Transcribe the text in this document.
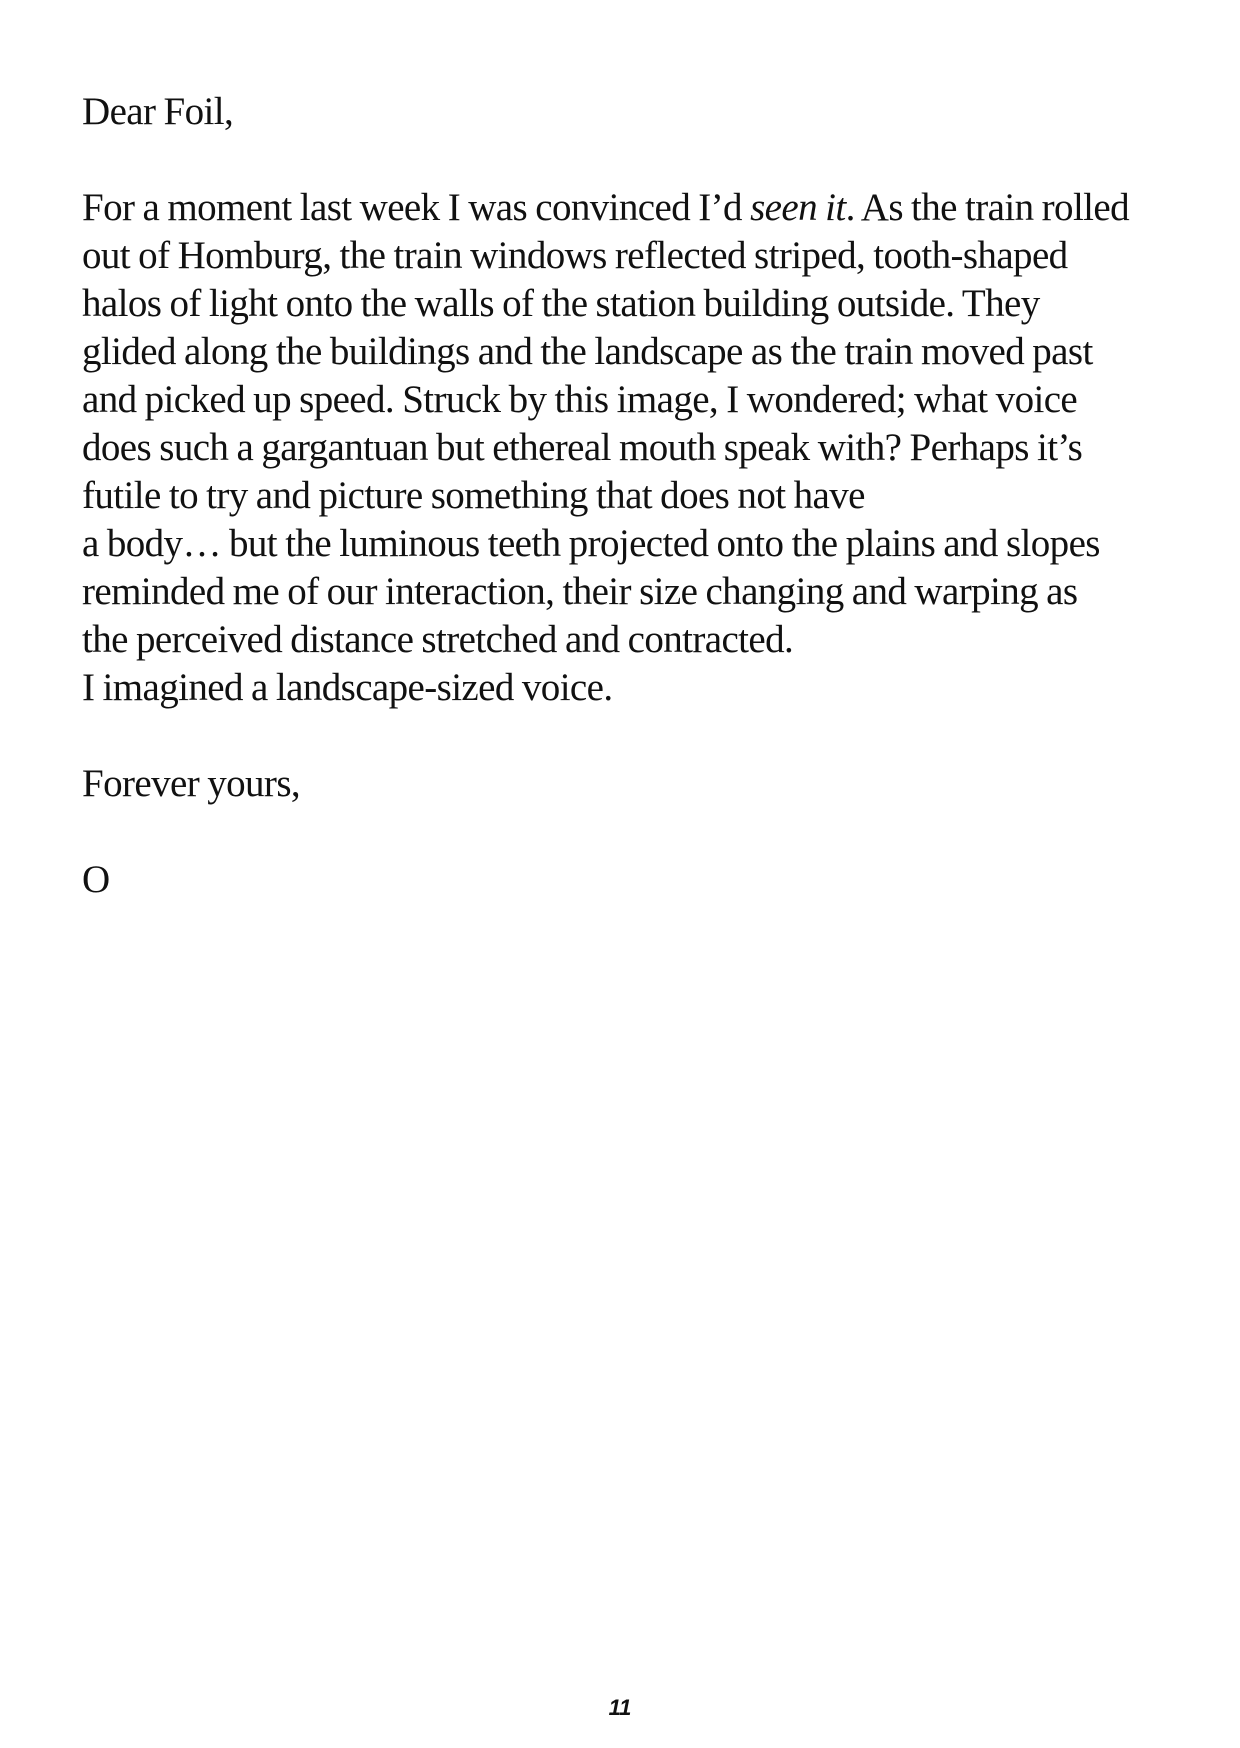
Dear Foil,
For a moment last week I was convinced I’d seen it. As the train rolled
out of Homburg, the train windows reflected striped, tooth-shaped
halos of light onto the walls of the station building outside. They
glided along the buildings and the landscape as the train moved past
and picked up speed. Struck by this image, I wondered; what voice
does such a gargantuan but ethereal mouth speak with? Perhaps it’s
futile to try and picture something that does not have
a body… but the luminous teeth projected onto the plains and slopes
reminded me of our interaction, their size changing and warping as
the perceived distance stretched and contracted.
I imagined a landscape-sized voice.
Forever yours,
O
11
